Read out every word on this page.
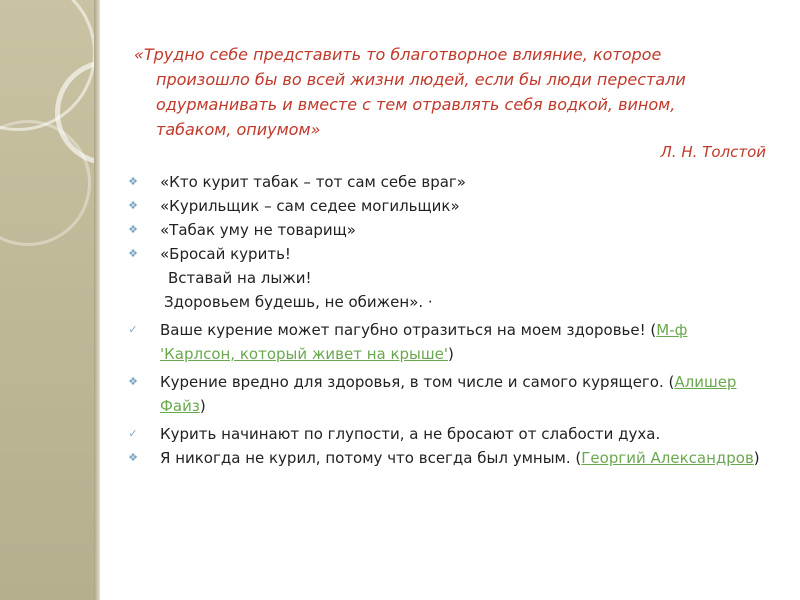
«Трудно себе представить то благотворное влияние, которое произошло бы во всей жизни людей, если бы люди перестали одурманивать и вместе с тем отравлять себя водкой, вином, табаком, опиумом»
Л. Н. Толстой
❖ «Кто курит табак – тот сам себе враг»
❖ «Курильщик – сам седее могильщик»
❖ «Табак уму не товарищ»
❖ «Бросай курить!
Вставай на лыжи!
Здоровьем будешь, не обижен». ·
✓ Ваше курение может пагубно отразиться на моем здоровье! (М-ф 'Карлсон, который живет на крыше')
❖ Курение вредно для здоровья, в том числе и самого курящего. (Алишер Файз)
✓ Курить начинают по глупости, а не бросают от слабости духа.
❖ Я никогда не курил, потому что всегда был умным. (Георгий Александров)
